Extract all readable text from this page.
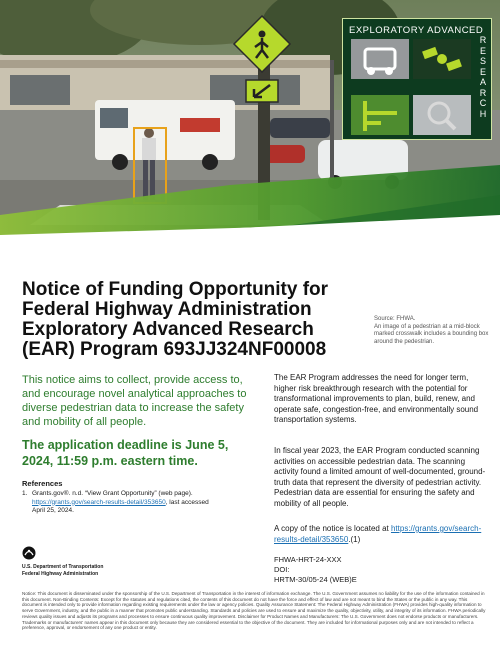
EXPLORATORY ADVANCED
RESEARCH
Notice of Funding Opportunity for Federal Highway Administration Exploratory Advanced Research (EAR) Program 693JJ324NF00008
Source: FHWA.
An image of a pedestrian at a mid-block marked crosswalk includes a bounding box around the pedestrian.
This notice aims to collect, provide access to, and encourage novel analytical approaches to diverse pedestrian data to increase the safety and mobility of all people.
The application deadline is June 5, 2024, 11:59 p.m. eastern time.
References
1. Grants.gov®. n.d. “View Grant Opportunity” (web page). https://grants.gov/search-results-detail/353650, last accessed April 25, 2024.
U.S. Department of Transportation
Federal Highway Administration
The EAR Program addresses the need for longer term, higher risk breakthrough research with the potential for transformational improvements to plan, build, renew, and operate safe, congestion-free, and environmentally sound transportation systems.
In fiscal year 2023, the EAR Program conducted scanning activities on accessible pedestrian data. The scanning activity found a limited amount of well-documented, ground-truth data that represent the diversity of pedestrian activity. Pedestrian data are essential for ensuring the safety and mobility of all people.
A copy of the notice is located at https://grants.gov/search-results-detail/353650.(1)
FHWA-HRT-24-XXX
DOI:
HRTM-30/05-24 (WEB)E
Notice: This document is disseminated under the sponsorship of the U.S. Department of Transportation in the interest of information exchange. The U.S. Government assumes no liability for the use of the information contained in this document. Non-Binding Contents: Except for the statutes and regulations cited, the contents of this document do not have the force and effect of law and are not meant to bind the States or the public in any way. This document is intended only to provide information regarding existing requirements under the law or agency policies. Quality Assurance Statement: The Federal Highway Administration (FHWA) provides high-quality information to serve Government, industry, and the public in a manner that promotes public understanding. Standards and policies are used to ensure and maximize the quality, objectivity, utility, and integrity of its information. FHWA periodically reviews quality issues and adjusts its programs and processes to ensure continuous quality improvement. Disclaimer for Product Names and Manufacturers: The U.S. Government does not endorse products or manufacturers. Trademarks or manufacturers' names appear in this document only because they are considered essential to the objective of the document. They are included for informational purposes only and are not intended to reflect a preference, approval, or endorsement of any one product or entity.
